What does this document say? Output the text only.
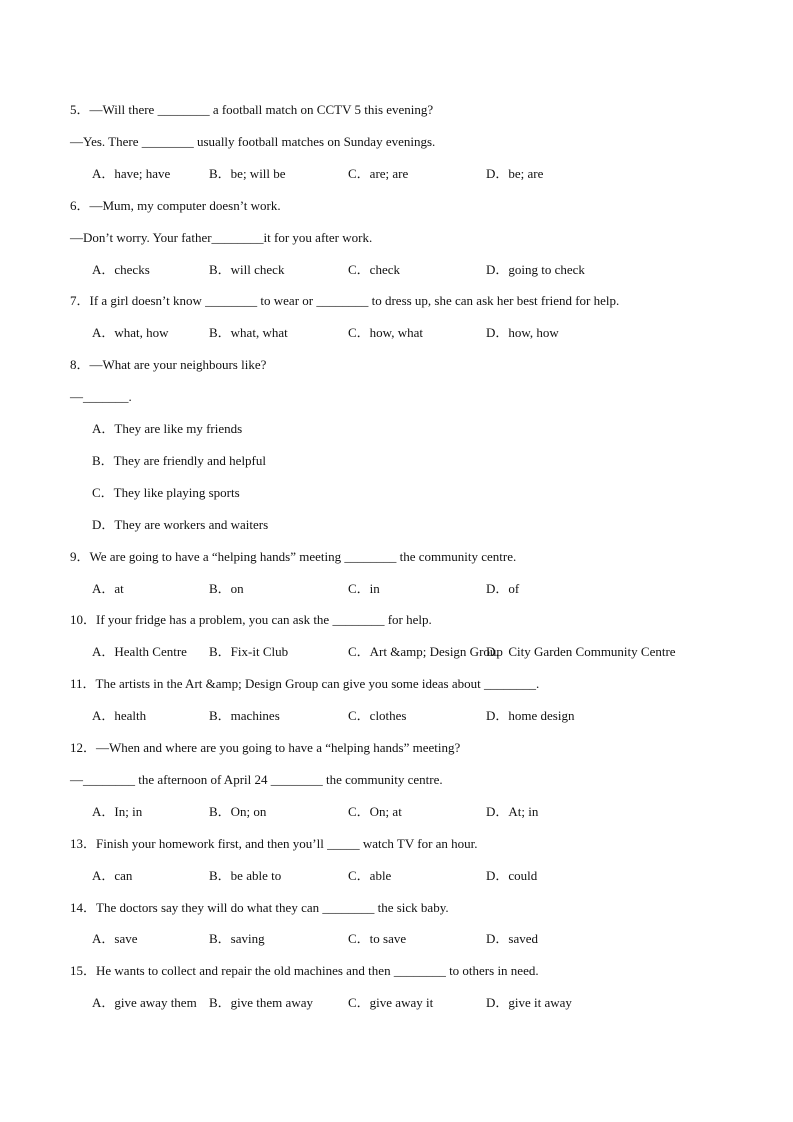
5．—Will there ________ a football match on CCTV 5 this evening?
—Yes. There ________ usually football matches on Sunday evenings.
A．have; have	B．be; will be	C．are; are	D．be; are
6．—Mum, my computer doesn’t work.
—Don’t worry. Your father________it for you after work.
A．checks	B．will check	C．check	D．going to check
7．If a girl doesn’t know ________ to wear or ________ to dress up, she can ask her best friend for help.
A．what, how	B．what, what	C．how, what	D．how, how
8．—What are your neighbours like?
—_______.
A．They are like my friends
B．They are friendly and helpful
C．They like playing sports
D．They are workers and waiters
9．We are going to have a “helping hands” meeting ________ the community centre.
A．at	B．on	C．in	D．of
10．If your fridge has a problem, you can ask the ________ for help.
A．Health Centre B．Fix-it Club	C．Art &amp; Design Group
D．City Garden Community Centre
11．The artists in the Art &amp; Design Group can give you some ideas about ________.
A．health	B．machines	C．clothes	D．home design
12．—When and where are you going to have a “helping hands” meeting?
—________ the afternoon of April 24 ________ the community centre.
A．In; in	B．On; on	C．On; at	D．At; in
13．Finish your homework first, and then you’ll _____ watch TV for an hour.
A．can	B．be able to	C．able	D．could
14．The doctors say they will do what they can ________ the sick baby.
A．save	B．saving	C．to save	D．saved
15．He wants to collect and repair the old machines and then ________ to others in need.
A．give away them B．give them away	C．give away it	D．give it away
